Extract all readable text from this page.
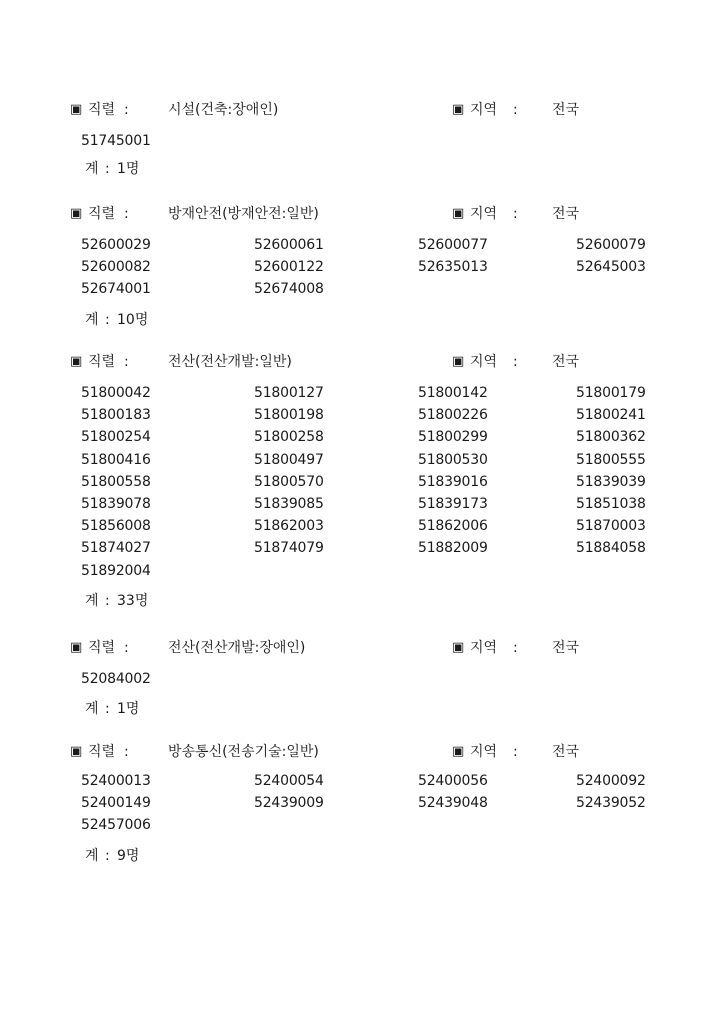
▣ 직렬 :	시설(건축:장애인)	▣ 지역 : 전국
51745001
계 : 1명
▣ 직렬 :	방재안전(방재안전:일반)	▣ 지역 : 전국
52600029	52600061	52600077	52600079
52600082	52600122	52635013	52645003
52674001	52674008
계 : 10명
▣ 직렬 :	전산(전산개발:일반)	▣ 지역 : 전국
51800042	51800127	51800142	51800179
51800183	51800198	51800226	51800241
51800254	51800258	51800299	51800362
51800416	51800497	51800530	51800555
51800558	51800570	51839016	51839039
51839078	51839085	51839173	51851038
51856008	51862003	51862006	51870003
51874027	51874079	51882009	51884058
51892004
계 : 33명
▣ 직렬 :	전산(전산개발:장애인)	▣ 지역 : 전국
52084002
계 : 1명
▣ 직렬 :	방송통신(전송기술:일반)	▣ 지역 : 전국
52400013	52400054	52400056	52400092
52400149	52439009	52439048	52439052
52457006
계 : 9명
